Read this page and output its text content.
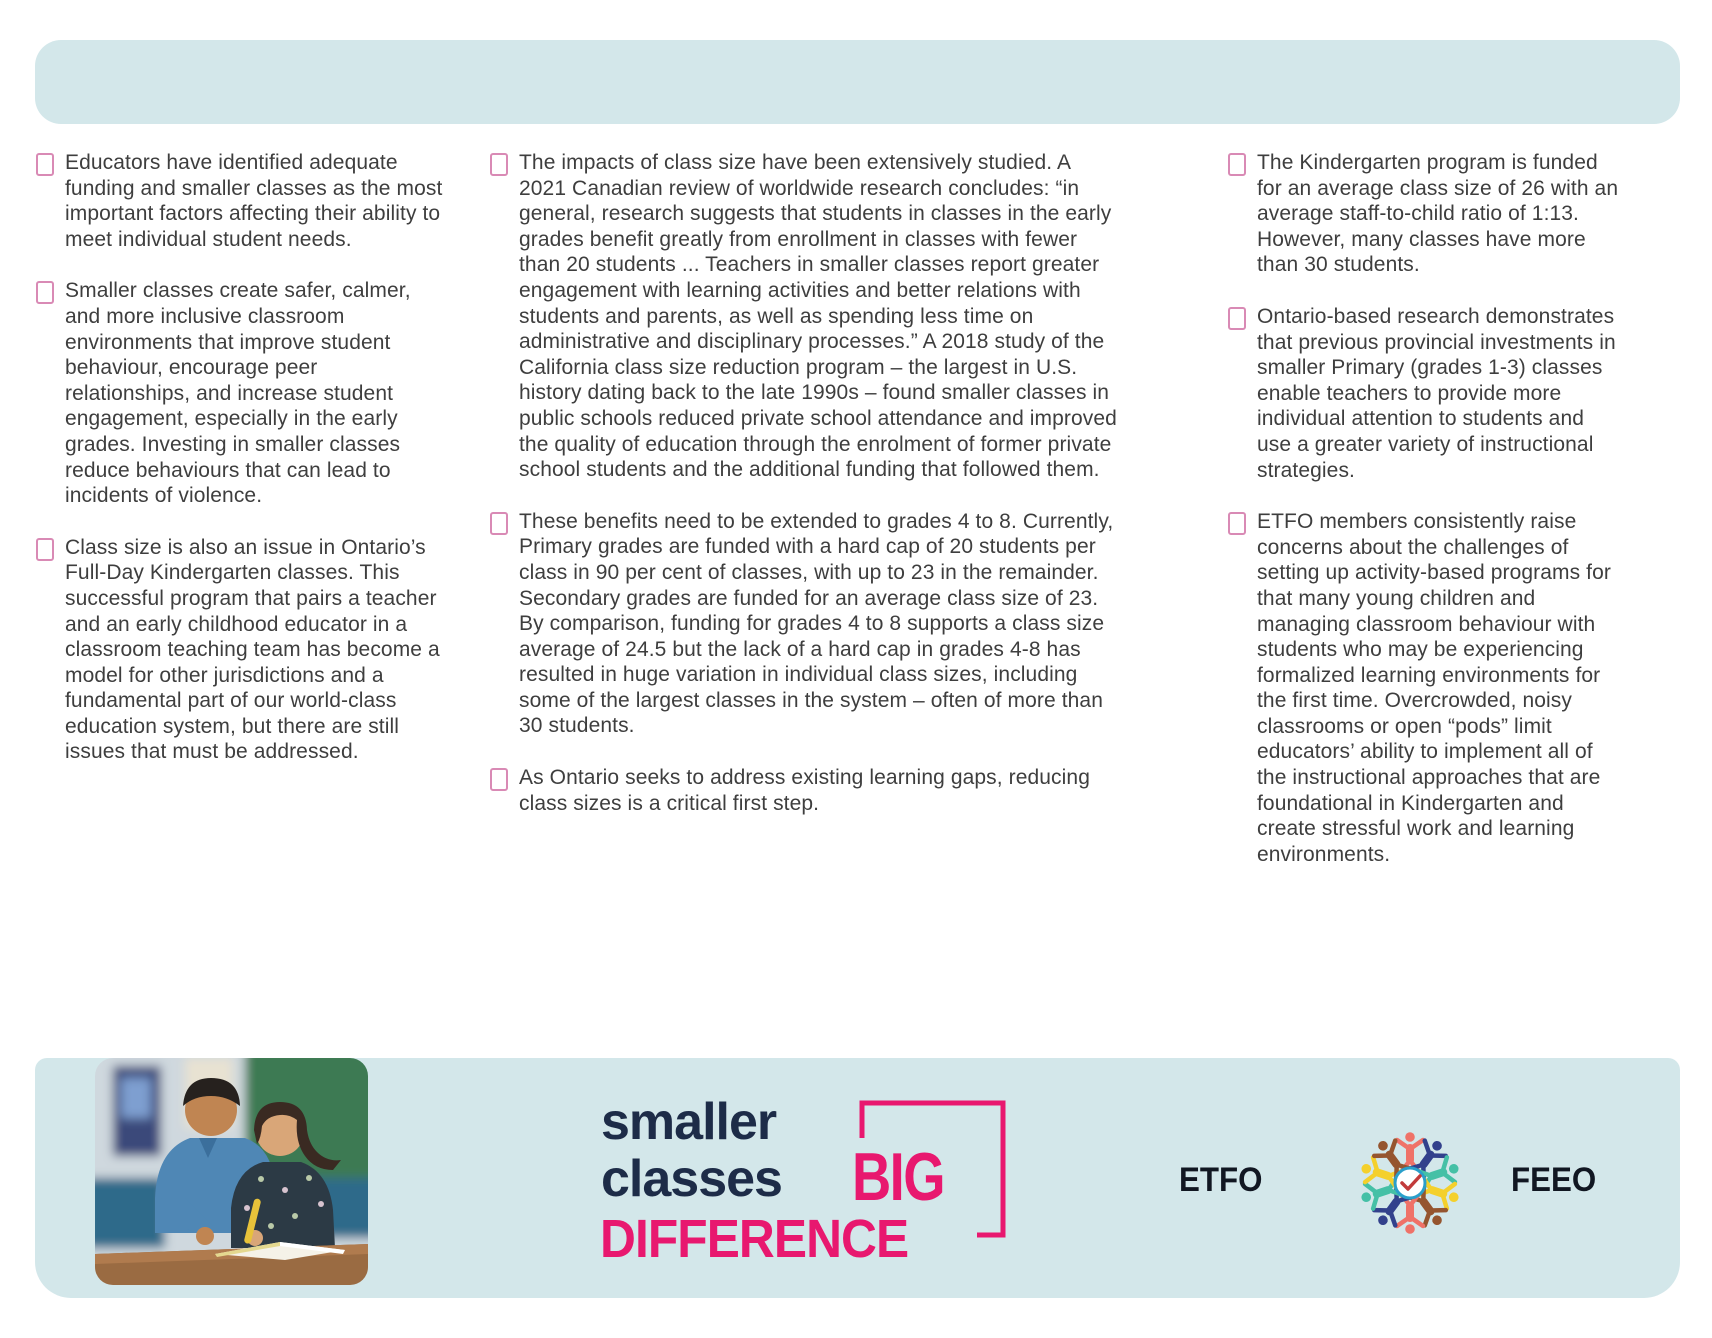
Educators have identified adequate funding and smaller classes as the most important factors affecting their ability to meet individual student needs.

Smaller classes create safer, calmer, and more inclusive classroom environments that improve student behaviour, encourage peer relationships, and increase student engagement, especially in the early grades. Investing in smaller classes reduce behaviours that can lead to incidents of violence.

Class size is also an issue in Ontario’s Full-Day Kindergarten classes. This successful program that pairs a teacher and an early childhood educator in a classroom teaching team has become a model for other jurisdictions and a fundamental part of our world-class education system, but there are still issues that must be addressed.

The impacts of class size have been extensively studied. A 2021 Canadian review of worldwide research concludes: “in general, research suggests that students in classes in the early grades benefit greatly from enrollment in classes with fewer than 20 students ... Teachers in smaller classes report greater engagement with learning activities and better relations with students and parents, as well as spending less time on administrative and disciplinary processes.” A 2018 study of the California class size reduction program – the largest in U.S. history dating back to the late 1990s – found smaller classes in public schools reduced private school attendance and improved the quality of education through the enrolment of former private school students and the additional funding that followed them.

These benefits need to be extended to grades 4 to 8. Currently, Primary grades are funded with a hard cap of 20 students per class in 90 per cent of classes, with up to 23 in the remainder. Secondary grades are funded for an average class size of 23. By comparison, funding for grades 4 to 8 supports a class size average of 24.5 but the lack of a hard cap in grades 4-8 has resulted in huge variation in individual class sizes, including some of the largest classes in the system – often of more than 30 students.

As Ontario seeks to address existing learning gaps, reducing class sizes is a critical first step.

The Kindergarten program is funded for an average class size of 26 with an average staff-to-child ratio of 1:13. However, many classes have more than 30 students.

Ontario-based research demonstrates that previous provincial investments in smaller Primary (grades 1-3) classes enable teachers to provide more individual attention to students and use a greater variety of instructional strategies.

ETFO members consistently raise concerns about the challenges of setting up activity-based programs for that many young children and managing classroom behaviour with students who may be experiencing formalized learning environments for the first time. Overcrowded, noisy classrooms or open “pods” limit educators’ ability to implement all of the instructional approaches that are foundational in Kindergarten and create stressful work and learning environments.

smaller
classes BIG
DIFFERENCE
ETFO	FEEO
